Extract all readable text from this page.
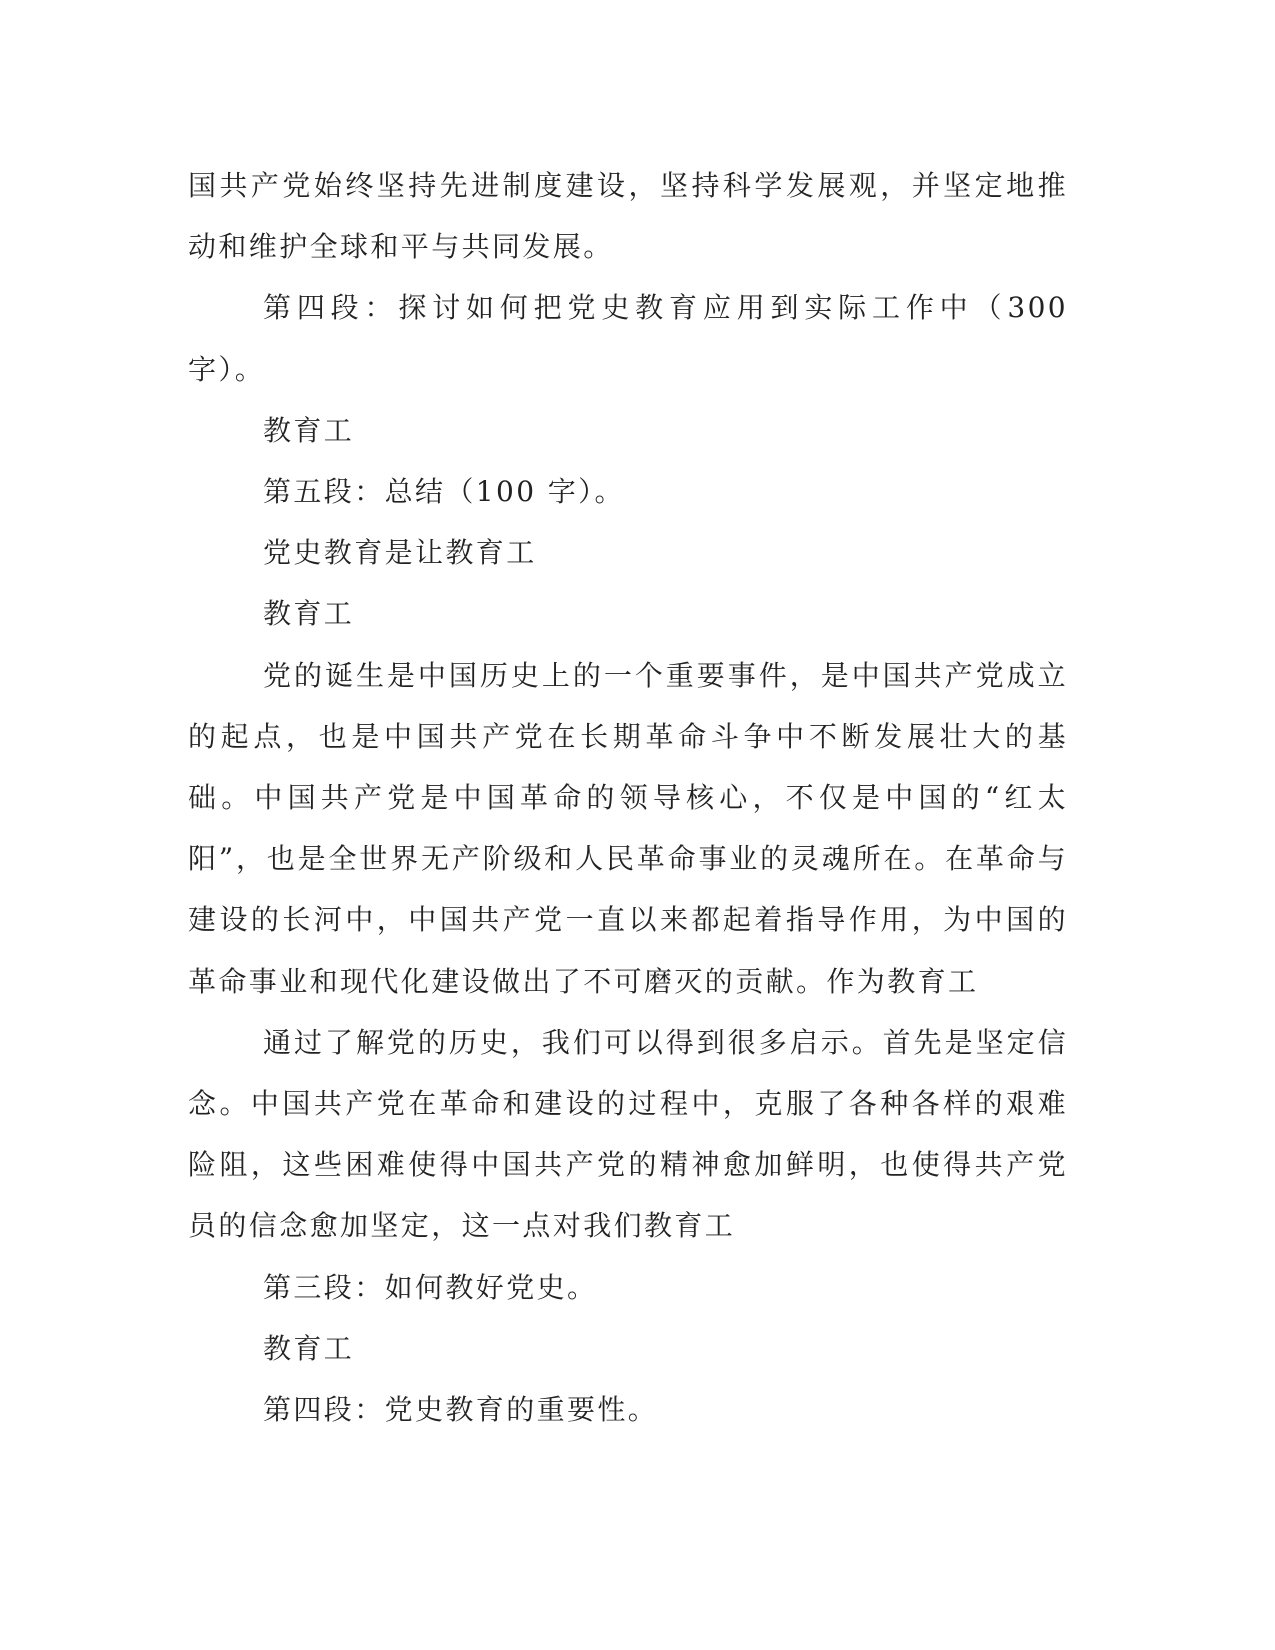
国共产党始终坚持先进制度建设，坚持科学发展观，并坚定地推动和维护全球和平与共同发展。

第四段：探讨如何把党史教育应用到实际工作中（300 字）。

教育工

第五段：总结（100 字）。

党史教育是让教育工

教育工

党的诞生是中国历史上的一个重要事件，是中国共产党成立的起点，也是中国共产党在长期革命斗争中不断发展壮大的基础。中国共产党是中国革命的领导核心，不仅是中国的“红太阳”，也是全世界无产阶级和人民革命事业的灵魂所在。在革命与建设的长河中，中国共产党一直以来都起着指导作用，为中国的革命事业和现代化建设做出了不可磨灭的贡献。作为教育工

通过了解党的历史，我们可以得到很多启示。首先是坚定信念。中国共产党在革命和建设的过程中，克服了各种各样的艰难险阻，这些困难使得中国共产党的精神愈加鲜明，也使得共产党员的信念愈加坚定，这一点对我们教育工

第三段：如何教好党史。

教育工

第四段：党史教育的重要性。
